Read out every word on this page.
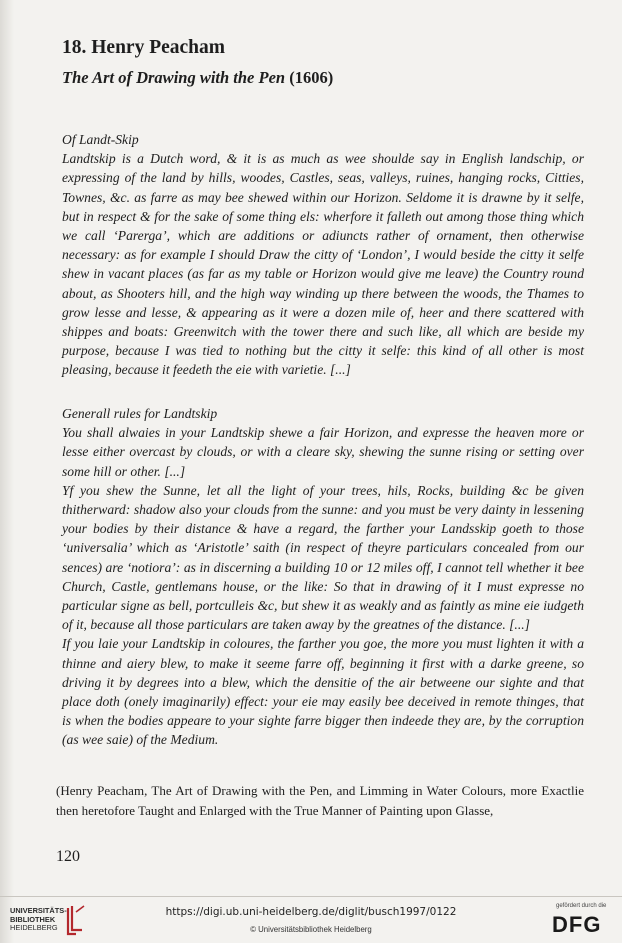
18. Henry Peacham
The Art of Drawing with the Pen (1606)
Of Landt-Skip

Landtskip is a Dutch word, & it is as much as wee shoulde say in English landschip, or expressing of the land by hills, woodes, Castles, seas, valleys, ruines, hanging rocks, Citties, Townes, &c. as farre as may bee shewed within our Horizon. Seldome it is drawne by it selfe, but in respect & for the sake of some thing els: wherfore it falleth out among those thing which we call ‘Parerga’, which are additions or adiuncts rather of ornament, then otherwise necessary: as for example I should Draw the citty of ‘London’, I would beside the citty it selfe shew in vacant places (as far as my table or Horizon would give me leave) the Country round about, as Shooters hill, and the high way winding up there between the woods, the Thames to grow lesse and lesse, & appearing as it were a dozen mile of, heer and there scattered with shippes and boats: Greenwitch with the tower there and such like, all which are beside my purpose, because I was tied to nothing but the citty it selfe: this kind of all other is most pleasing, because it feedeth the eie with varietie. [...]

Generall rules for Landtskip

You shall alwaies in your Landtskip shewe a fair Horizon, and expresse the heaven more or lesse either overcast by clouds, or with a cleare sky, shewing the sunne rising or setting over some hill or other. [...]

Yf you shew the Sunne, let all the light of your trees, hils, Rocks, building &c be given thitherward: shadow also your clouds from the sunne: and you must be very dainty in lessening your bodies by their distance & have a regard, the farther your Landsskip goeth to those ‘universalia’ which as ‘Aristotle’ saith (in respect of theyre particulars concealed from our sences) are ‘notiora’: as in discerning a building 10 or 12 miles off, I cannot tell whether it bee Church, Castle, gentlemans house, or the like: So that in drawing of it I must expresse no particular signe as bell, portculleis &c, but shew it as weakly and as faintly as mine eie iudgeth of it, because all those particulars are taken away by the greatnes of the distance. [...]

If you laie your Landtskip in coloures, the farther you goe, the more you must lighten it with a thinne and aiery blew, to make it seeme farre off, beginning it first with a darke greene, so driving it by degrees into a blew, which the densitie of the air betweene our sighte and that place doth (onely imaginarily) effect: your eie may easily bee deceived in remote thinges, that is when the bodies appeare to your sighte farre bigger then indeede they are, by the corruption (as wee saie) of the Medium.

(Henry Peacham, The Art of Drawing with the Pen, and Limming in Water Colours, more Exactlie then heretofore Taught and Enlarged with the True Manner of Painting upon Glasse,
120
UNIVERSITÄTS-
BIBLIOTHEK
HEIDELBERG
https://digi.ub.uni-heidelberg.de/diglit/busch1997/0122
© Universitätsbibliothek Heidelberg
gefördert durch die
DFG
